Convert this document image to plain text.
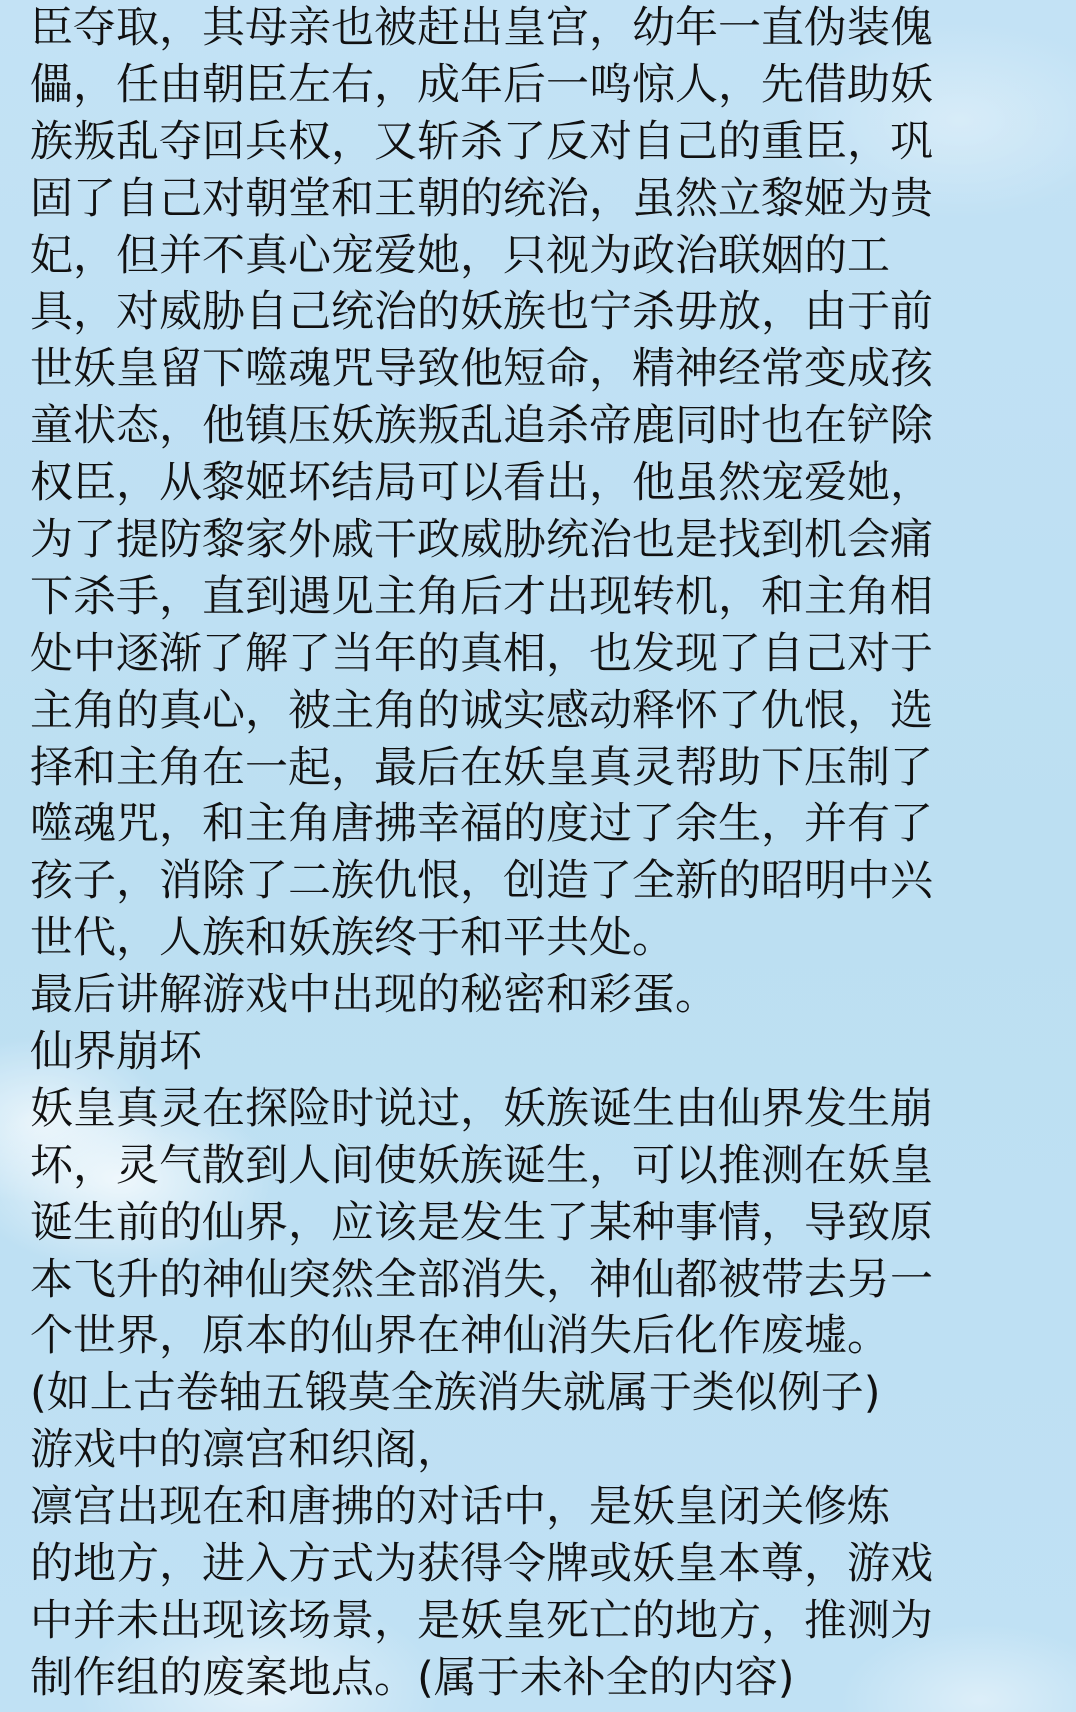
臣夺取，其母亲也被赶出皇宫，幼年一直伪装傀
儡，任由朝臣左右，成年后一鸣惊人，先借助妖
族叛乱夺回兵权，又斩杀了反对自己的重臣，巩
固了自己对朝堂和王朝的统治，虽然立黎姬为贵
妃，但并不真心宠爱她，只视为政治联姻的工
具，对威胁自己统治的妖族也宁杀毋放，由于前
世妖皇留下噬魂咒导致他短命，精神经常变成孩
童状态，他镇压妖族叛乱追杀帝鹿同时也在铲除
权臣，从黎姬坏结局可以看出，他虽然宠爱她，
为了提防黎家外戚干政威胁统治也是找到机会痛
下杀手，直到遇见主角后才出现转机，和主角相
处中逐渐了解了当年的真相，也发现了自己对于
主角的真心，被主角的诚实感动释怀了仇恨，选
择和主角在一起，最后在妖皇真灵帮助下压制了
噬魂咒，和主角唐拂幸福的度过了余生，并有了
孩子，消除了二族仇恨，创造了全新的昭明中兴
世代，人族和妖族终于和平共处。
最后讲解游戏中出现的秘密和彩蛋。
仙界崩坏
妖皇真灵在探险时说过，妖族诞生由仙界发生崩
坏，灵气散到人间使妖族诞生，可以推测在妖皇
诞生前的仙界，应该是发生了某种事情，导致原
本飞升的神仙突然全部消失，神仙都被带去另一
个世界，原本的仙界在神仙消失后化作废墟。
(如上古卷轴五锻莫全族消失就属于类似例子)
游戏中的凛宫和织阁，
凛宫出现在和唐拂的对话中，是妖皇闭关修炼
的地方，进入方式为获得令牌或妖皇本尊，游戏
中并未出现该场景，是妖皇死亡的地方，推测为
制作组的废案地点。(属于未补全的内容)
